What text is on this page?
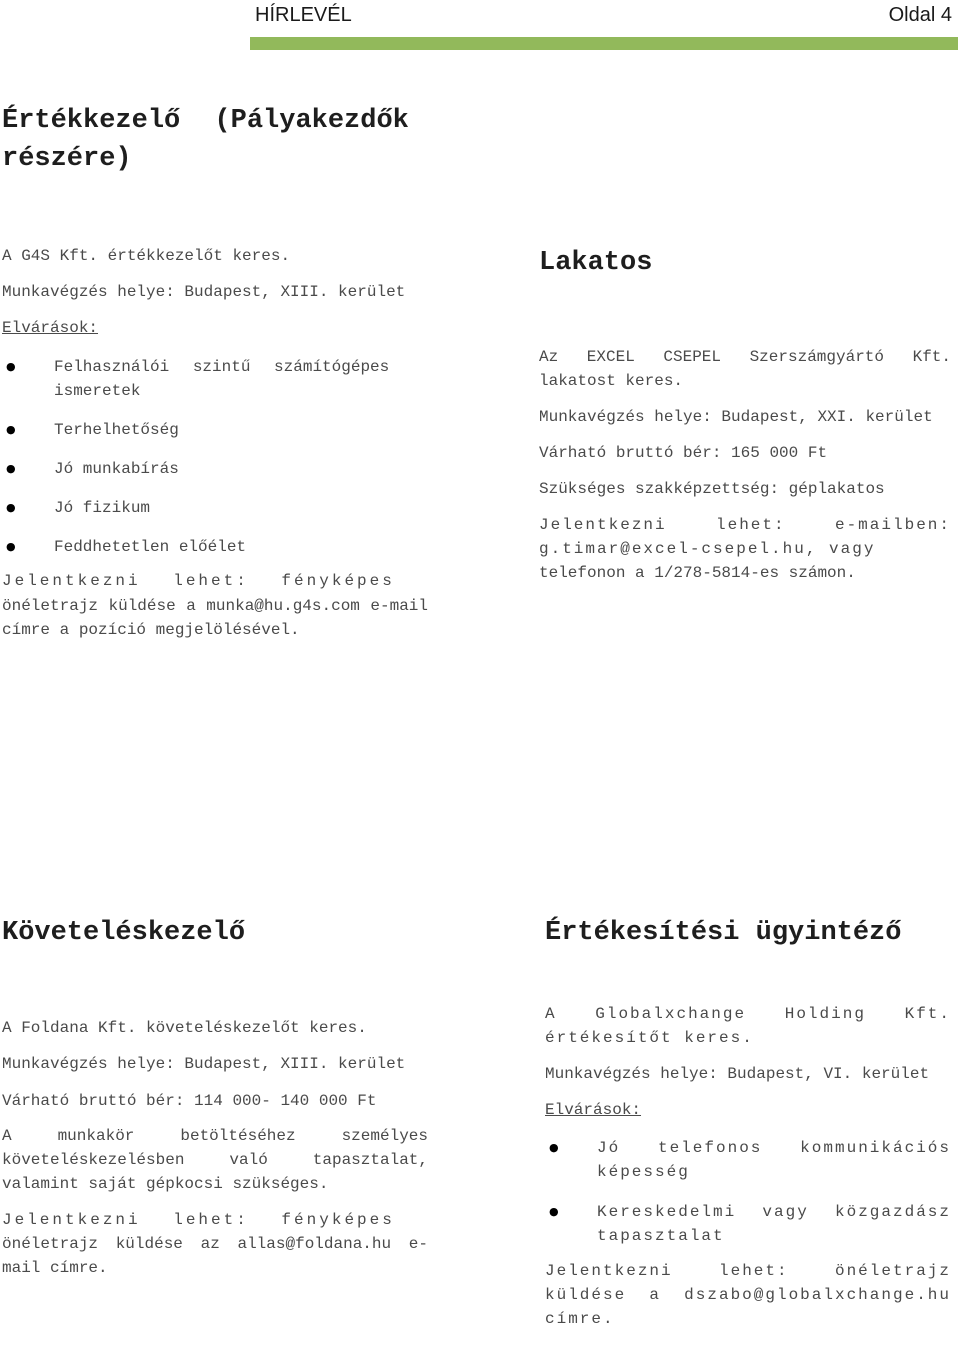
HÍRLEVÉL	Oldal 4
Értékkezelő (Pályakezdők részére)

A G4S Kft. értékkezelőt keres.

Munkavégzés helye: Budapest, XIII. kerület

Elvárások:

● Felhasználói szintű számítógépes ismeretek
● Terhelhetőség
● Jó munkabírás
● Jó fizikum
● Feddhetetlen előélet

Jelentkezni lehet: fényképes

önéletrajz küldése a munka@hu.g4s.com e-mail címre a pozíció megjelölésével.

Lakatos

Az EXCEL CSEPEL Szerszámgyártó Kft. lakatost keres.

Munkavégzés helye: Budapest, XXI. kerület

Várható bruttó bér: 165 000 Ft

Szükséges szakképzettség: géplakatos

Jelentkezni lehet: e-mailben: g.timar@excel-csepel.hu, vagy

telefonon a 1/278-5814-es számon.

Követeléskezelő

A Foldana Kft. követeléskezelőt keres.

Munkavégzés helye: Budapest, XIII. kerület

Várható bruttó bér: 114 000- 140 000 Ft

A munkakör betöltéséhez személyes követeléskezelésben való tapasztalat, valamint saját gépkocsi szükséges.

Jelentkezni lehet: fényképes

önéletrajz küldése az allas@foldana.hu e-mail címre.

Értékesítési ügyintéző

A Globalxchange Holding Kft. értékesítőt keres.

Munkavégzés helye: Budapest, VI. kerület

Elvárások:

● Jó telefonos kommunikációs képesség
● Kereskedelmi vagy közgazdász tapasztalat

Jelentkezni lehet: önéletrajz küldése a dszabo@globalxchange.hu címre.
